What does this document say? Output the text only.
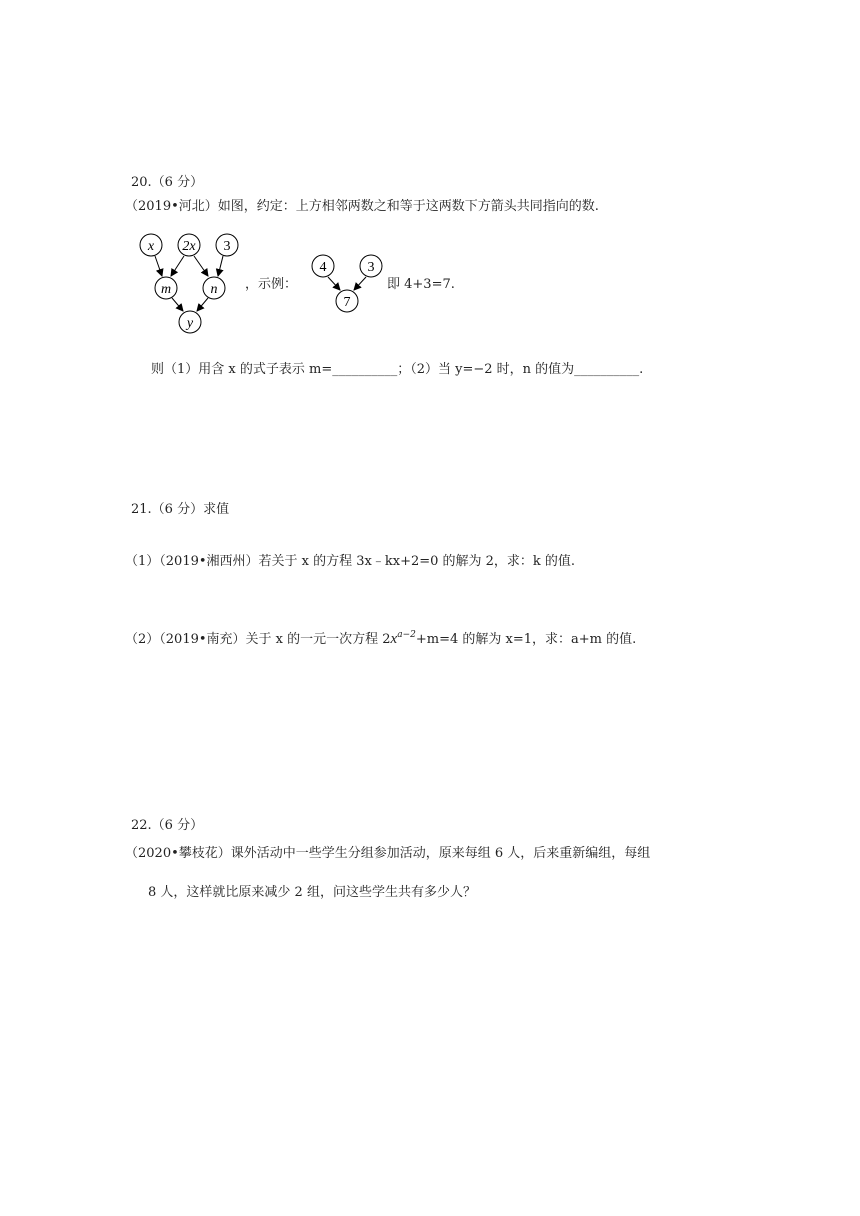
20.（6 分）
（2019•河北）如图，约定：上方相邻两数之和等于这两数下方箭头共同指向的数.
x 2x 3
m	n
y
，示例：
4	3
7
即 4+3=7.
则（1）用含 x 的式子表示 m=__________；（2）当 y=−2 时，n 的值为__________.
21.（6 分）求值
（1）（2019•湘西州）若关于 x 的方程 3x﹣kx+2=0 的解为 2，求：k 的值.
（2）（2019•南充）关于 x 的一元一次方程 $2x^{a-2}+m=4$ 的解为 x=1，求：a+m 的值.
22.（6 分）
（2020•攀枝花）课外活动中一些学生分组参加活动，原来每组 6 人，后来重新编组，每组
8 人，这样就比原来减少 2 组，问这些学生共有多少人？
